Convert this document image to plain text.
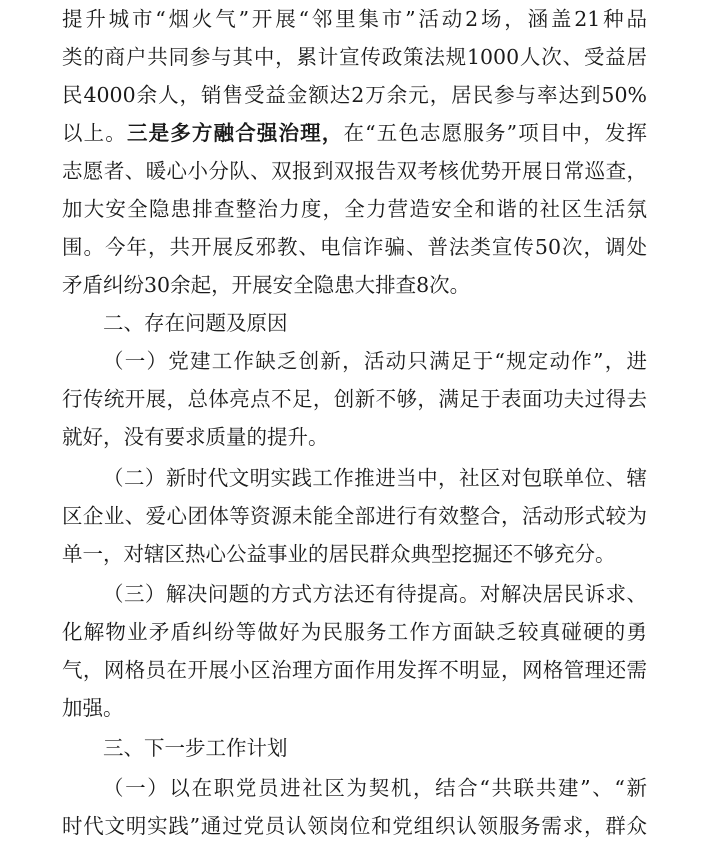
提升城市“烟火气”开展“邻里集市”活动2场，涵盖21种品
类的商户共同参与其中，累计宣传政策法规1000人次、受益居
民4000余人，销售受益金额达2万余元，居民参与率达到50%
以上。三是多方融合强治理，在“五色志愿服务”项目中，发挥
志愿者、暖心小分队、双报到双报告双考核优势开展日常巡查，
加大安全隐患排查整治力度，全力营造安全和谐的社区生活氛
围。今年，共开展反邪教、电信诈骗、普法类宣传50次，调处
矛盾纠纷30余起，开展安全隐患大排查8次。
二、存在问题及原因
（一）党建工作缺乏创新，活动只满足于“规定动作”，进
行传统开展，总体亮点不足，创新不够，满足于表面功夫过得去
就好，没有要求质量的提升。
（二）新时代文明实践工作推进当中，社区对包联单位、辖
区企业、爱心团体等资源未能全部进行有效整合，活动形式较为
单一，对辖区热心公益事业的居民群众典型挖掘还不够充分。
（三）解决问题的方式方法还有待提高。对解决居民诉求、
化解物业矛盾纠纷等做好为民服务工作方面缺乏较真碰硬的勇
气，网格员在开展小区治理方面作用发挥不明显，网格管理还需
加强。
三、下一步工作计划
（一）以在职党员进社区为契机，结合“共联共建”、“新
时代文明实践”通过党员认领岗位和党组织认领服务需求，群众
